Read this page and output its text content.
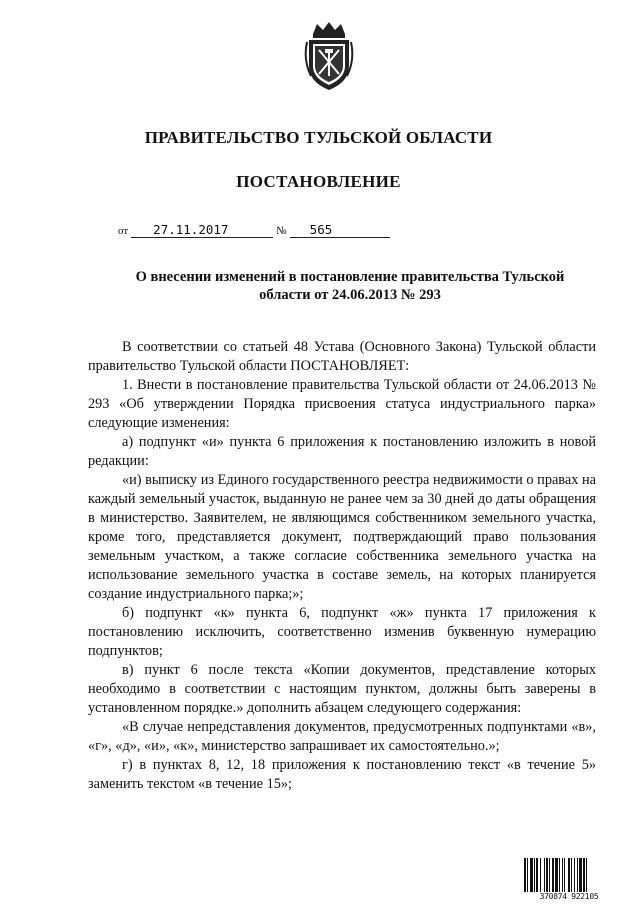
ПРАВИТЕЛЬСТВО ТУЛЬСКОЙ ОБЛАСТИ
ПОСТАНОВЛЕНИЕ
от 27.11.2017	№ 565
О внесении изменений в постановление правительства Тульской
области от 24.06.2013 № 293

В соответствии со статьей 48 Устава (Основного Закона) Тульской области правительство Тульской области ПОСТАНОВЛЯЕТ:

1. Внести в постановление правительства Тульской области от 24.06.2013 № 293 «Об утверждении Порядка присвоения статуса индустриального парка» следующие изменения:

а) подпункт «и» пункта 6 приложения к постановлению изложить в новой редакции:

«и) выписку из Единого государственного реестра недвижимости о правах на каждый земельный участок, выданную не ранее чем за 30 дней до даты обращения в министерство. Заявителем, не являющимся собственником земельного участка, кроме того, представляется документ, подтверждающий право пользования земельным участком, а также согласие собственника земельного участка на использование земельного участка в составе земель, на которых планируется создание индустриального парка;»;

б) подпункт «к» пункта 6, подпункт «ж» пункта 17 приложения к постановлению исключить, соответственно изменив буквенную нумерацию подпунктов;

в) пункт 6 после текста «Копии документов, представление которых необходимо в соответствии с настоящим пунктом, должны быть заверены в установленном порядке.» дополнить абзацем следующего содержания:

«В случае непредставления документов, предусмотренных подпунктами «в», «г», «д», «и», «к», министерство запрашивает их самостоятельно.»;

г) в пунктах 8, 12, 18 приложения к постановлению текст «в течение 5» заменить текстом «в течение 15»;

370874 922105
